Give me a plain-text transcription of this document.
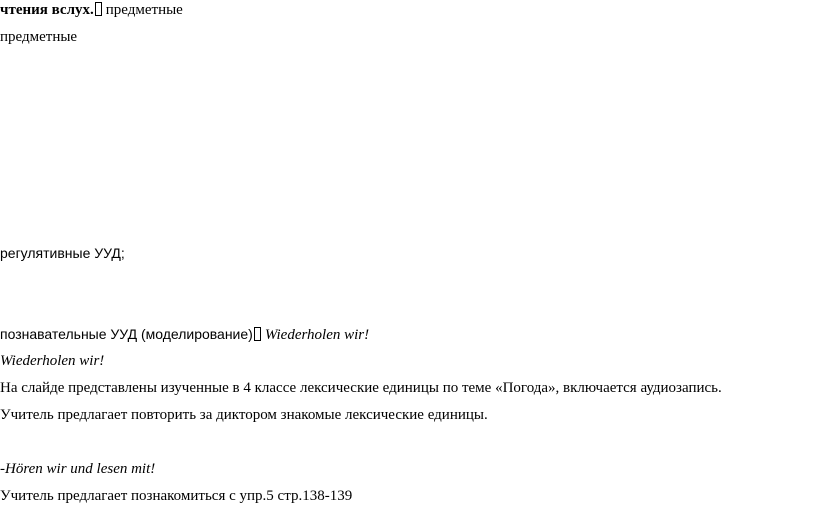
чтения вслух. предметные
предметные
регулятивные УУД;
познавательные УУД (моделирование) Wiederholen wir!
Wiederholen wir!
На слайде представлены изученные в 4 классе лексические единицы по теме «Погода», включается аудиозапись.
Учитель предлагает повторить за диктором знакомые лексические единицы.
-Hören wir und lesen mit!
Учитель предлагает познакомиться с упр.5 стр.138-139
